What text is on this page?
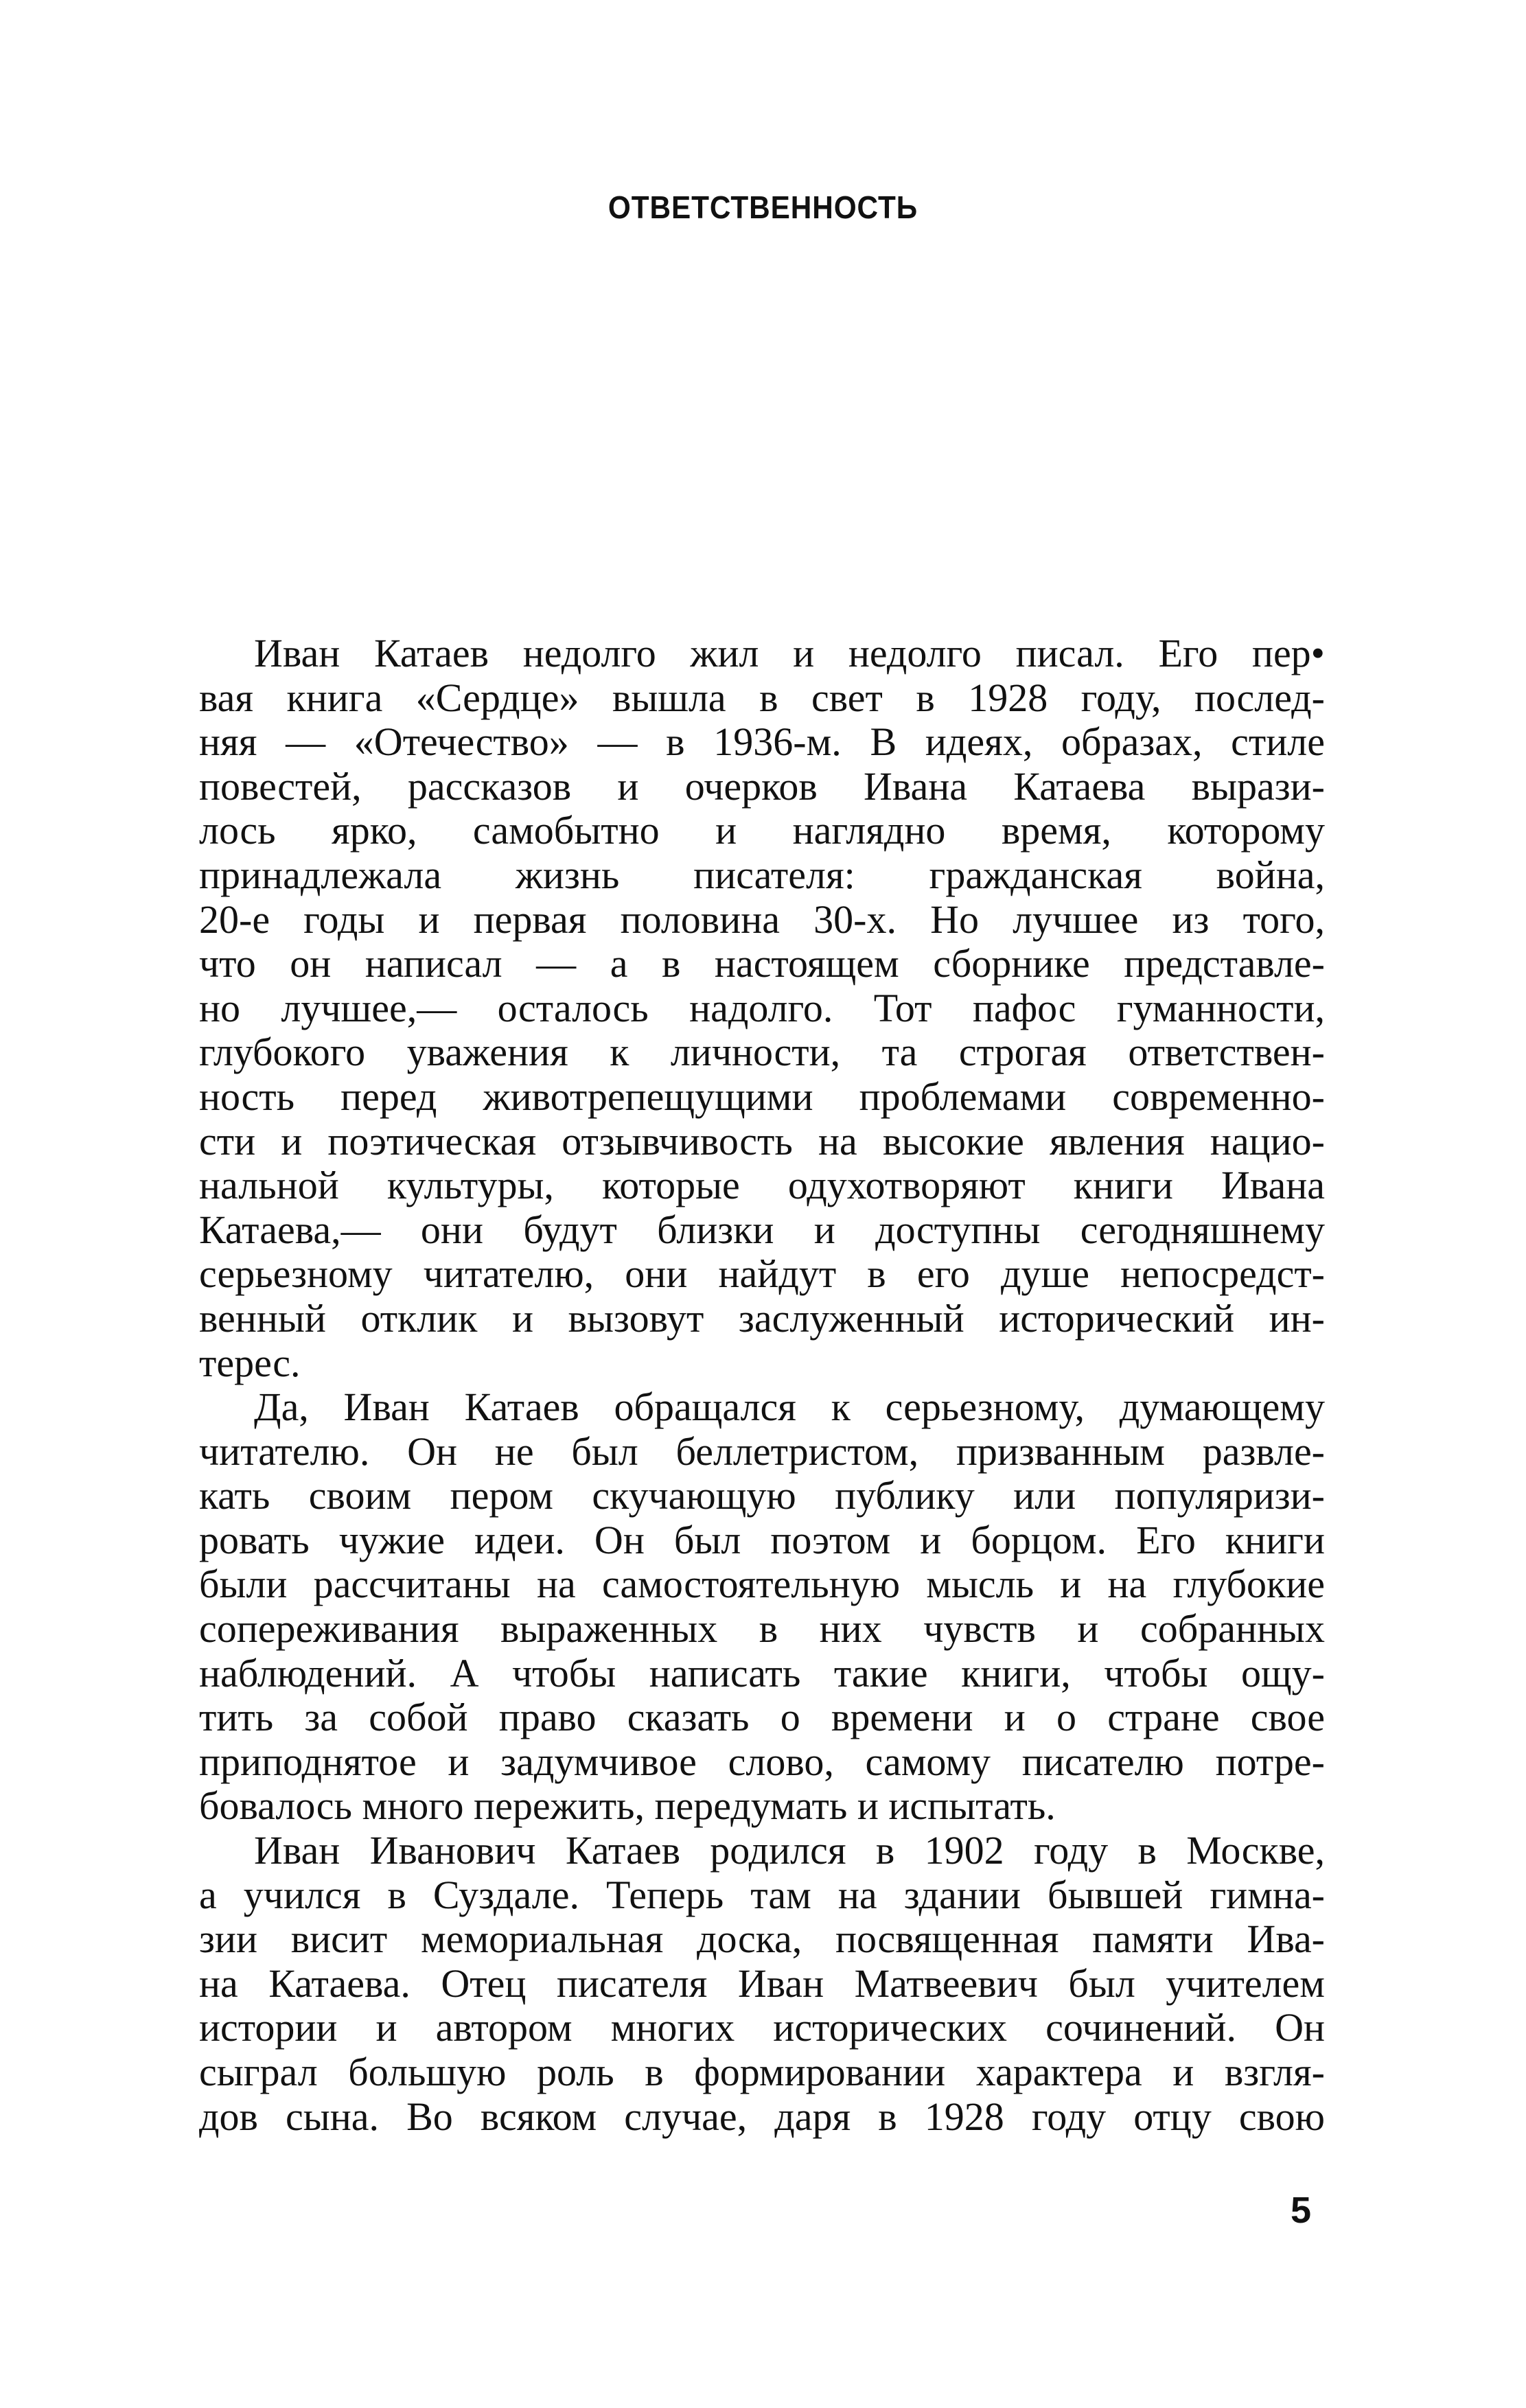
ОТВЕТСТВЕННОСТЬ
Иван Катаев недолго жил и недолго писал. Его пер•
вая книга «Сердце» вышла в свет в 1928 году, послед-
няя — «Отечество» — в 1936-м. В идеях, образах, стиле
повестей, рассказов и очерков Ивана Катаева вырази-
лось ярко, самобытно и наглядно время, которому
принадлежала жизнь писателя: гражданская война,
20-е годы и первая половина 30-х. Но лучшее из того,
что он написал — а в настоящем сборнике представле-
но лучшее,— осталось надолго. Тот пафос гуманности,
глубокого уважения к личности, та строгая ответствен-
ность перед животрепещущими проблемами современно-
сти и поэтическая отзывчивость на высокие явления нацио-
нальной культуры, которые одухотворяют книги Ивана
Катаева,— они будут близки и доступны сегодняшнему
серьезному читателю, они найдут в его душе непосредст-
венный отклик и вызовут заслуженный исторический ин-
терес.
Да, Иван Катаев обращался к серьезному, думающему
читателю. Он не был беллетристом, призванным развле-
кать своим пером скучающую публику или популяризи-
ровать чужие идеи. Он был поэтом и борцом. Его книги
были рассчитаны на самостоятельную мысль и на глубокие
сопереживания выраженных в них чувств и собранных
наблюдений. А чтобы написать такие книги, чтобы ощу-
тить за собой право сказать о времени и о стране свое
приподнятое и задумчивое слово, самому писателю потре-
бовалось много пережить, передумать и испытать.
Иван Иванович Катаев родился в 1902 году в Москве,
а учился в Суздале. Теперь там на здании бывшей гимна-
зии висит мемориальная доска, посвященная памяти Ива-
на Катаева. Отец писателя Иван Матвеевич был учителем
истории и автором многих исторических сочинений. Он
сыграл большую роль в формировании характера и взгля-
дов сына. Во всяком случае, даря в 1928 году отцу свою
5
